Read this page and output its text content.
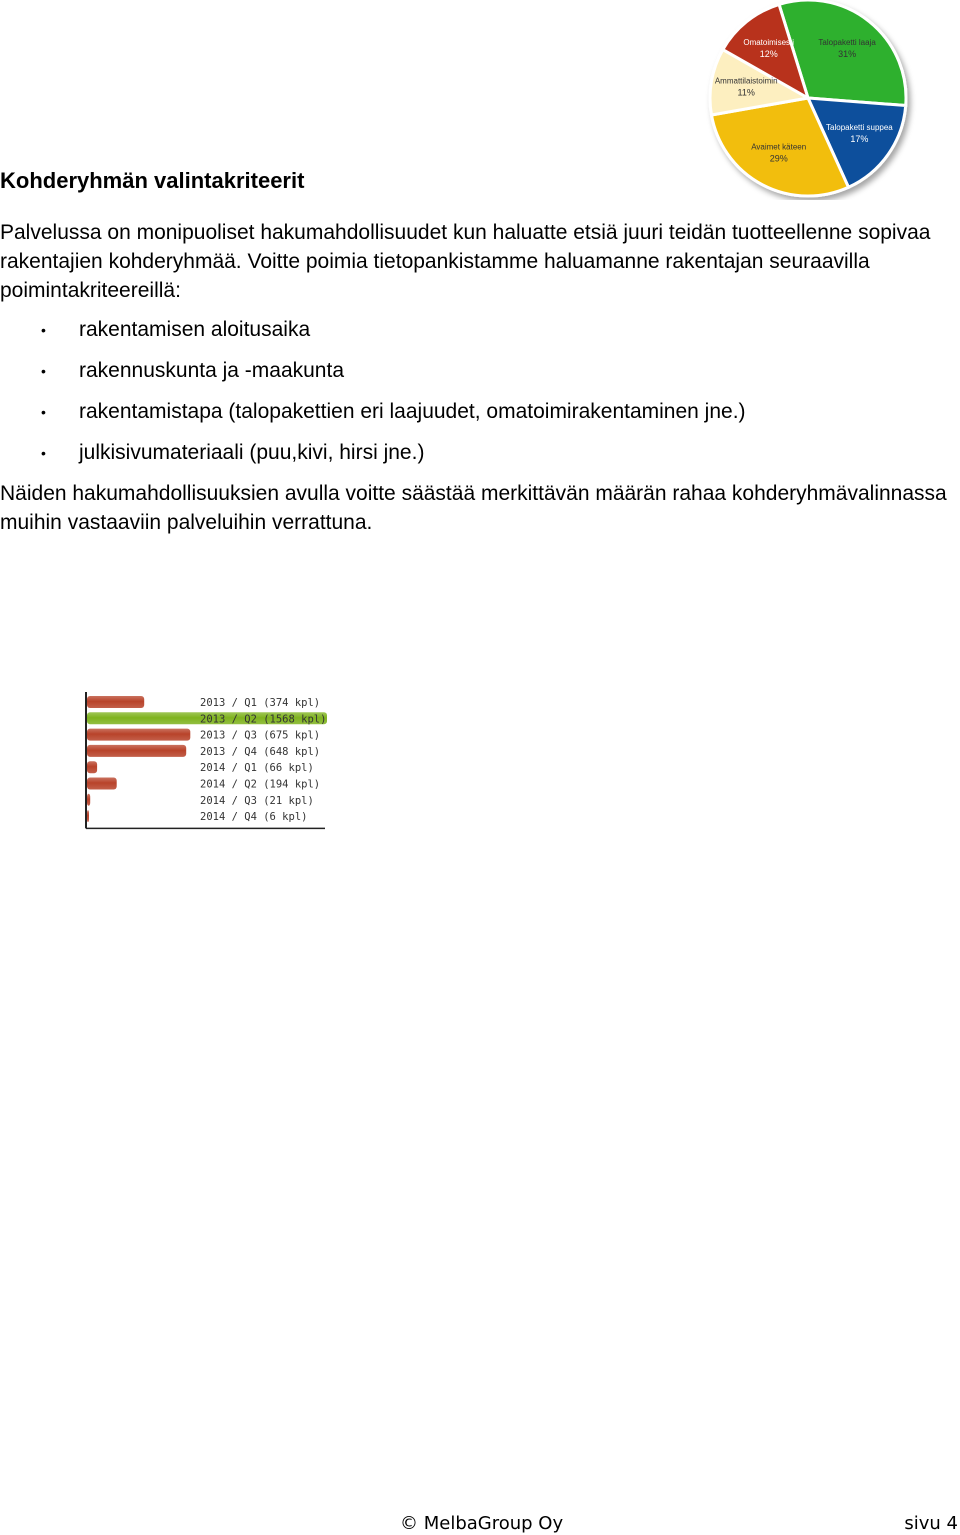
Talopaketti laaja
31%
Talopaketti suppea
17%
Avaimet käteen
29%
Ammattilaistoimin
11%
Omatoimisesti
12%
Kohderyhmän valintakriteerit

Palvelussa on monipuoliset hakumahdollisuudet kun haluatte etsiä juuri teidän tuotteellenne sopivaa rakentajien kohderyhmää. Voitte poimia tietopankistamme haluamanne rakentajan seuraavilla poimintakriteereillä:

• rakentamisen aloitusaika
• rakennuskunta ja -maakunta
• rakentamistapa (talopakettien eri laajuudet, omatoimirakentaminen jne.)
• julkisivumateriaali (puu,kivi, hirsi jne.)

Näiden hakumahdollisuuksien avulla voitte säästää merkittävän määrän rahaa kohderyhmävalinnassa muihin vastaaviin palveluihin verrattuna.

2013 / Q1 (374 kpl)
2013 / Q2 (1568 kpl)
2013 / Q3 (675 kpl)
2013 / Q4 (648 kpl)
2014 / Q1 (66 kpl)
2014 / Q2 (194 kpl)
2014 / Q3 (21 kpl)
2014 / Q4 (6 kpl)
© MelbaGroup Oy	sivu 4
